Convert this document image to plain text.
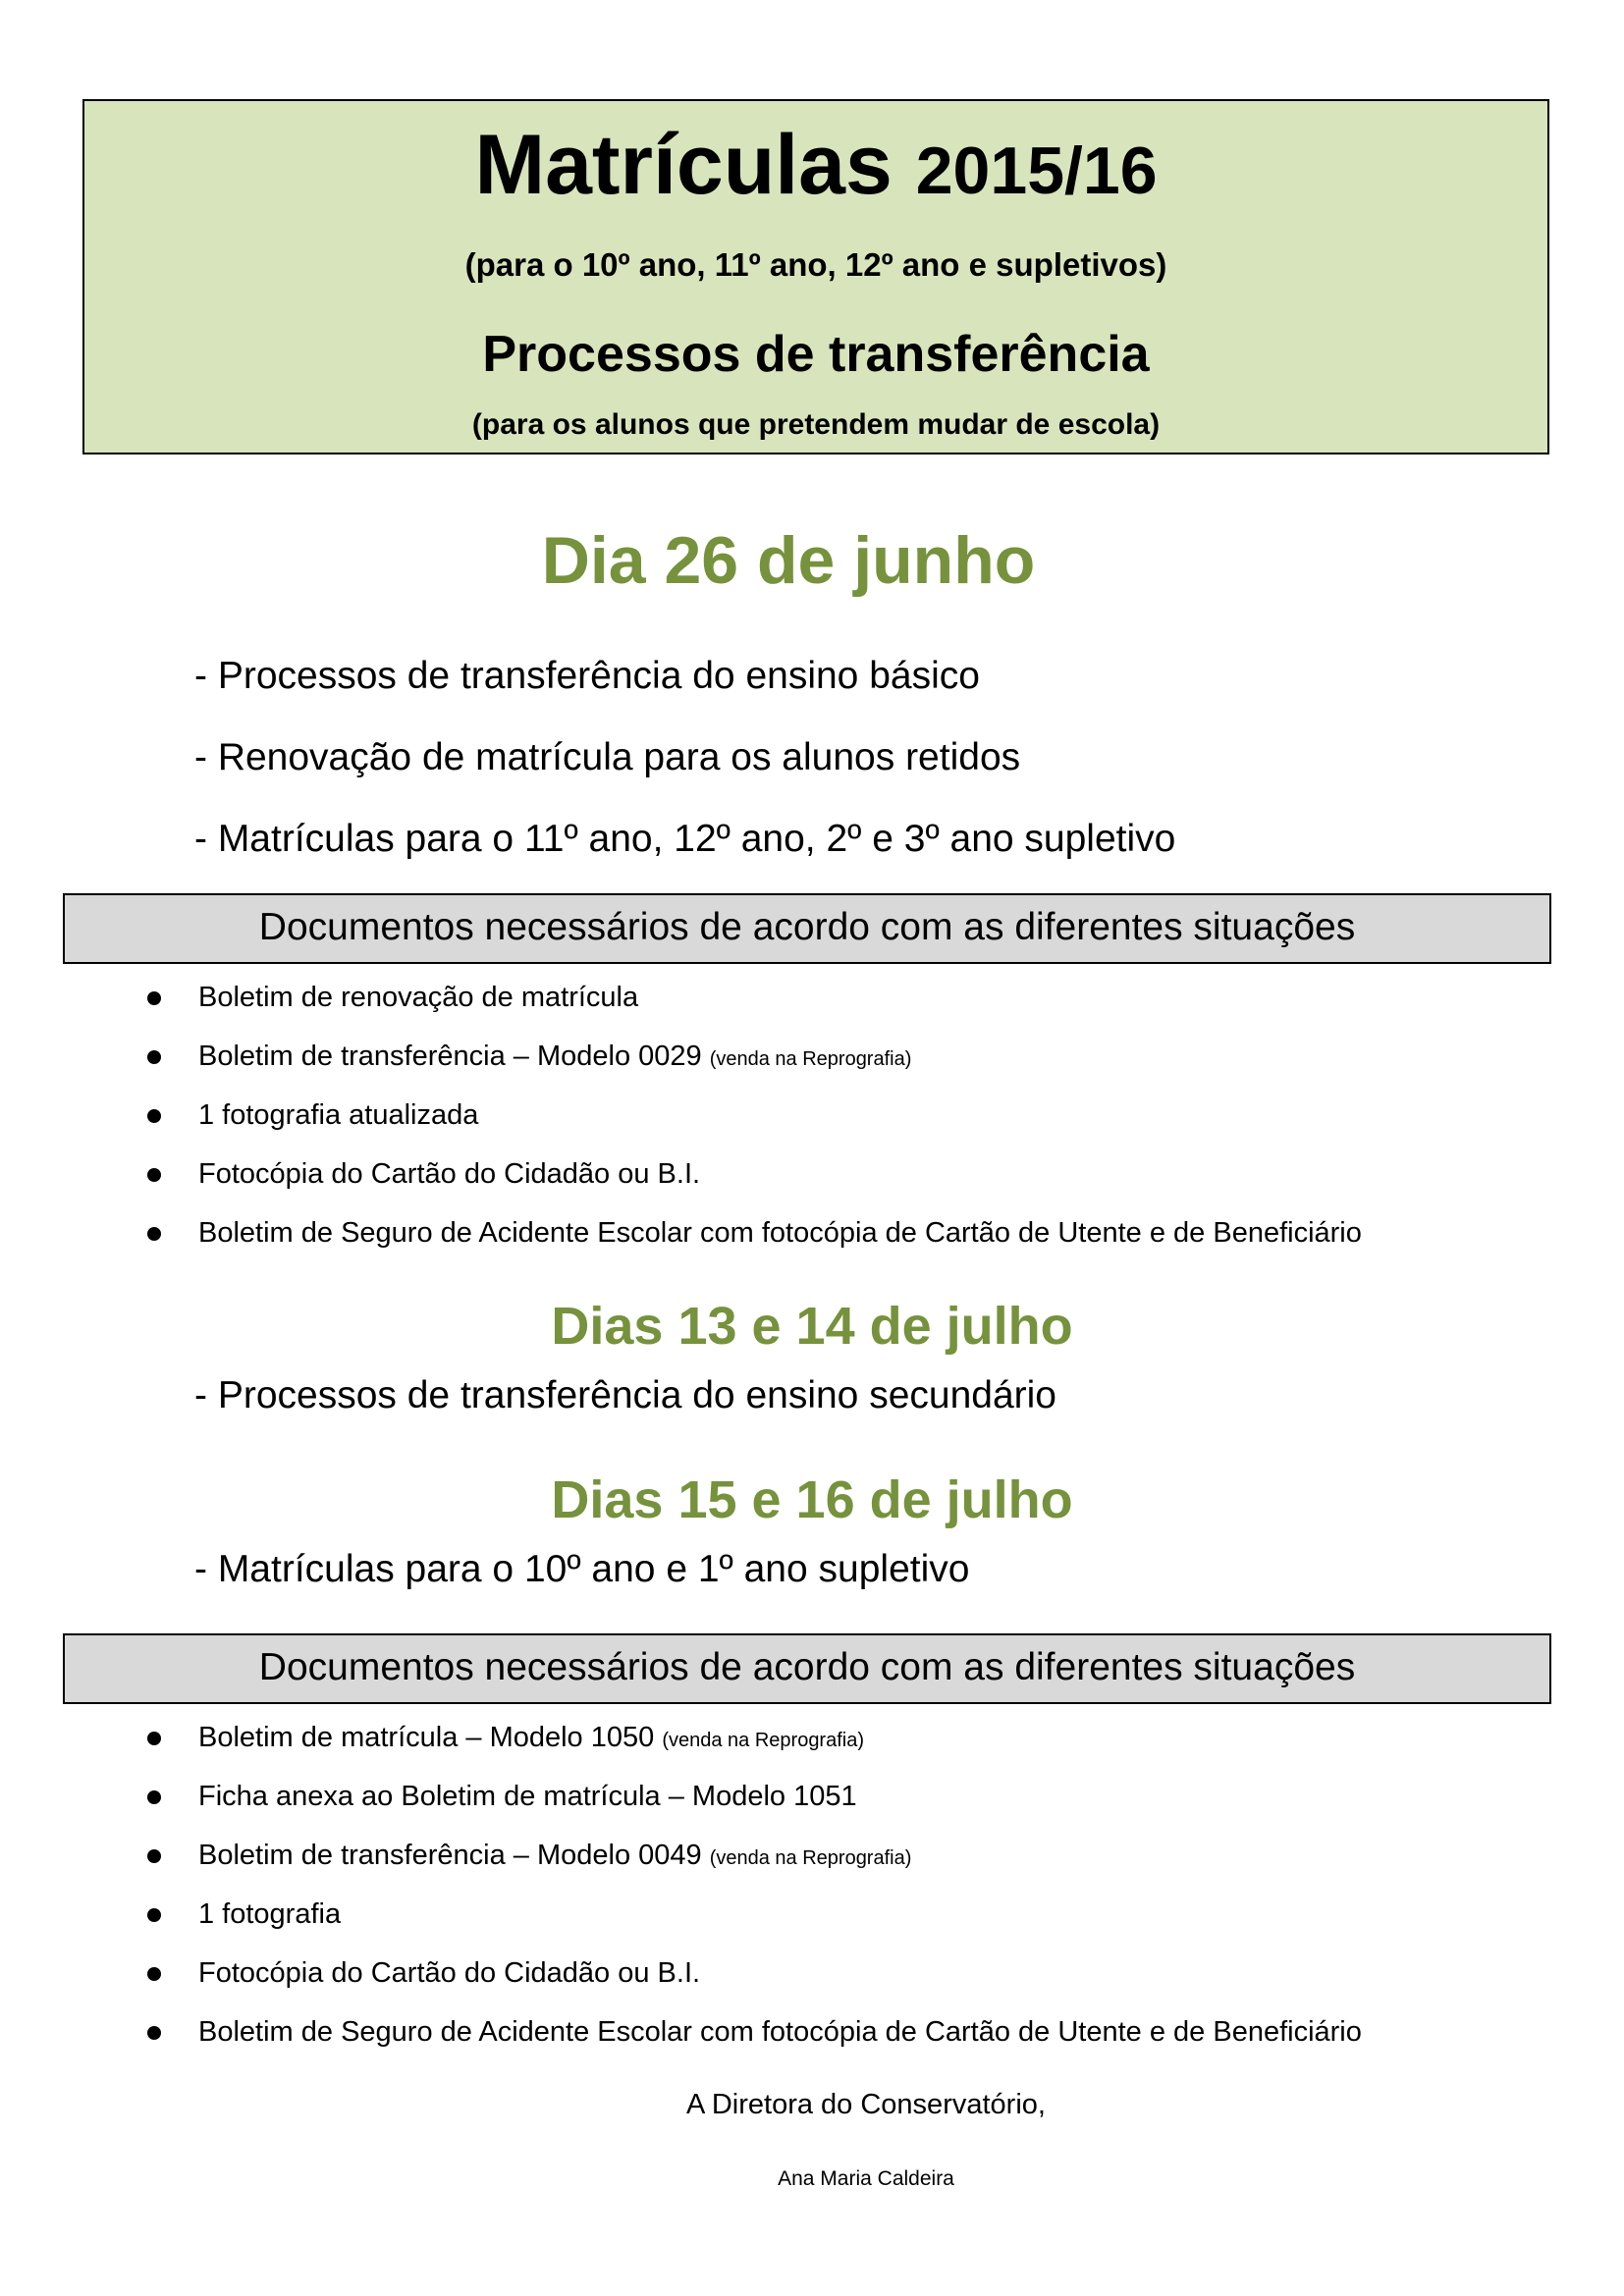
Matrículas 2015/16
(para o 10º ano, 11º ano, 12º ano e supletivos)
Processos de transferência
(para os alunos que pretendem mudar de escola)
Dia 26 de junho
- Processos de transferência do ensino básico
- Renovação de matrícula para os alunos retidos
- Matrículas para o 11º ano, 12º ano, 2º e 3º ano supletivo
Documentos necessários de acordo com as diferentes situações
Boletim de renovação de matrícula
Boletim de transferência – Modelo 0029 (venda na Reprografia)
1 fotografia atualizada
Fotocópia do Cartão do Cidadão ou B.I.
Boletim de Seguro de Acidente Escolar com fotocópia de Cartão de Utente e de Beneficiário
Dias 13 e 14 de julho
- Processos de transferência do ensino secundário
Dias 15 e 16 de julho
- Matrículas para o 10º ano e 1º ano supletivo
Documentos necessários de acordo com as diferentes situações
Boletim de matrícula – Modelo 1050 (venda na Reprografia)
Ficha anexa ao Boletim de matrícula – Modelo 1051
Boletim de transferência – Modelo 0049 (venda na Reprografia)
1 fotografia
Fotocópia do Cartão do Cidadão ou B.I.
Boletim de Seguro de Acidente Escolar com fotocópia de Cartão de Utente e de Beneficiário
A Diretora do Conservatório,
Ana Maria Caldeira
